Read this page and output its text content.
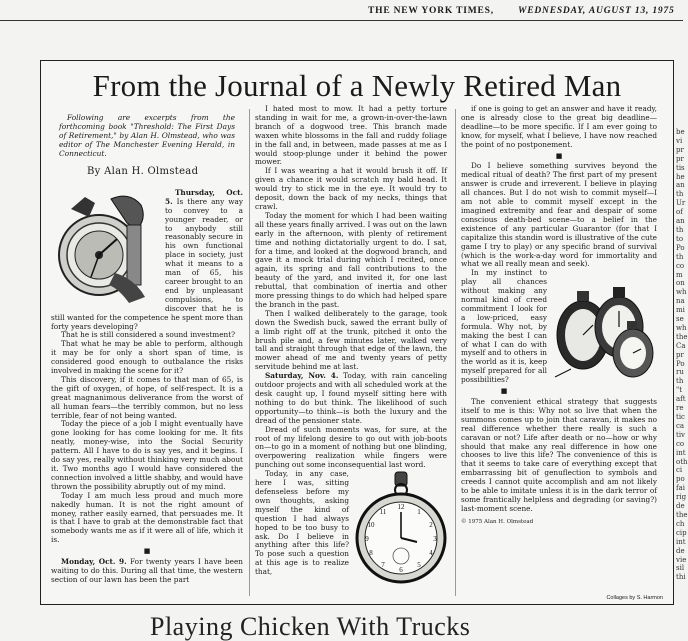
THE NEW YORK TIMES,	WEDNESDAY, AUGUST 13, 1975
From the Journal of a Newly Retired Man

Following are excerpts from the forthcoming book "Threshold: The First Days of Retirement," by Alan H. Olmstead, who was editor of The Manchester Evening Herald, in Connecticut.

By Alan H. Olmstead

Thursday, Oct. 5. Is there any way to convey to a younger reader, or to anybody still reasonably secure in his own functional place in society, just what it means to a man of 65, his career brought to an end by unpleasant compulsions, to discover that he is still wanted for the competence he spent more than forty years developing?

That he is still considered a sound investment?

That what he may be able to perform, although it may be for only a short span of time, is considered good enough to outbalance the risks involved in making the scene for it?

This discovery, if it comes to that man of 65, is the gift of oxygen, of hope, of self-respect. It is a great magnanimous deliverance from the worst of all human fears—the terribly common, but no less terrible, fear of not being wanted.

Today the piece of a job I might eventually have gone looking for has come looking for me. It fits neatly, money-wise, into the Social Security pattern. All I have to do is say yes, and it begins. I do say yes, really without thinking very much about it. Two months ago I would have considered the connection involved a little shabby, and would have thrown the possibility abruptly out of my mind.

Today I am much less proud and much more nakedly human. It is not the right amount of money, rather easily earned, that persuades me. It is that I have to grab at the demonstrable fact that somebody wants me as if it were all of life, which it is.

■

Monday, Oct. 9. For twenty years I have been waiting to do this. During all that time, the western section of our lawn has been the part

I hated most to mow. It had a petty torture standing in wait for me, a grown-in-over-the-lawn branch of a dogwood tree. This branch made waxen white blossoms in the fall and ruddy foliage in the fall and, in between, made passes at me as I would stoop-plunge under it behind the power mower.

If I was wearing a hat it would brush it off. If given a chance it would scratch my bald head. It would try to stick me in the eye. It would try to deposit, down the back of my necks, things that crawl.

Today the moment for which I had been waiting all these years finally arrived. I was out on the lawn early in the afternoon, with plenty of retirement time and nothing dictatorially urgent to do. I sat, for a time, and looked at the dogwood branch, and gave it a mock trial during which I recited, once again, its spring and fall contributions to the beauty of the yard, and invited it, for one last rebuttal, that combination of inertia and other more pressing things to do which had helped spare the branch in the past.

Then I walked deliberately to the garage, took down the Swedish buck, sawed the errant bully of a limb right off at the trunk, pitched it onto the brush pile and, a few minutes later, walked very tall and straight through that edge of the lawn, the mower ahead of me and twenty years of petty servitude behind me at last.

Saturday, Nov. 4. Today, with rain canceling outdoor projects and with all scheduled work at the desk caught up, I found myself sitting here with nothing to do but think. The likelihood of such opportunity—to think—is both the luxury and the dread of the pensioner state.

Dread of such moments was, for sure, at the root of my lifelong desire to go out with job-boots on—to go in a moment of nothing but one blinding, overpowering realization while fingers were punching out some inconsequential last word.

12
1
2
3
4
5
6
7
8
9
10
11

Today, in any case, here I was, sitting defenseless before my own thoughts, asking myself the kind of question I had always hoped to be too busy to ask. Do I believe in anything after this life? To pose such a question at this age is to realize that,

if one is going to get an answer and have it ready, one is already close to the great big deadline—deadline—to be more specific. If I am ever going to know, for myself, what I believe, I have now reached the point of no postponement.

■

Do I believe something survives beyond the medical ritual of death? The first part of my present answer is crude and irreverent. I believe in playing all chances. But I do not wish to commit myself—I am not able to commit myself except in the imagined extremity and fear and despair of some conscious death-bed scene—to a belief in the existence of any particular Guarantor (for that I capitalize this standin word is illustrative of the cute game I try to play) or any specific brand of survival (which is the work-a-day word for immortality and what we all really mean and seek).

In my instinct to play all chances without making any normal kind of creed commitment I look for a low-priced, easy formula. Why not, by making the best I can of what I can do with myself and to others in the world as it is, keep myself prepared for all possibilities?

■

The convenient ethical strategy that suggests itself to me is this: Why not so live that when the summons comes up to join that caravan, it makes no real difference whether there really is such a caravan or not? Life after death or no—how or why should that make any real difference in how one chooses to live this life? The convenience of this is that it seems to take care of everything except that embarrassing bit of genuflection to symbols and creeds I cannot quite accomplish and am not likely to be able to imitate unless it is in the dark terror of some frantically helpless and degrading (or saving?) last-moment scene.

© 1975 Alan H. Olmstead

Collages by S. Harmon
be
vi
pr
pr
tis
he
an
th
Ur
of
an
th
to
Po
th
co
m
on
wh
na
mi
se
wh
the
Ca
pr
Po
ru
th
"t
aft
re
tic
ca
tiv
co
int
oth
ci
po
fai
rig
de
the
ch
cip
int
de
vie
sil
thi
Playing Chicken With Trucks
